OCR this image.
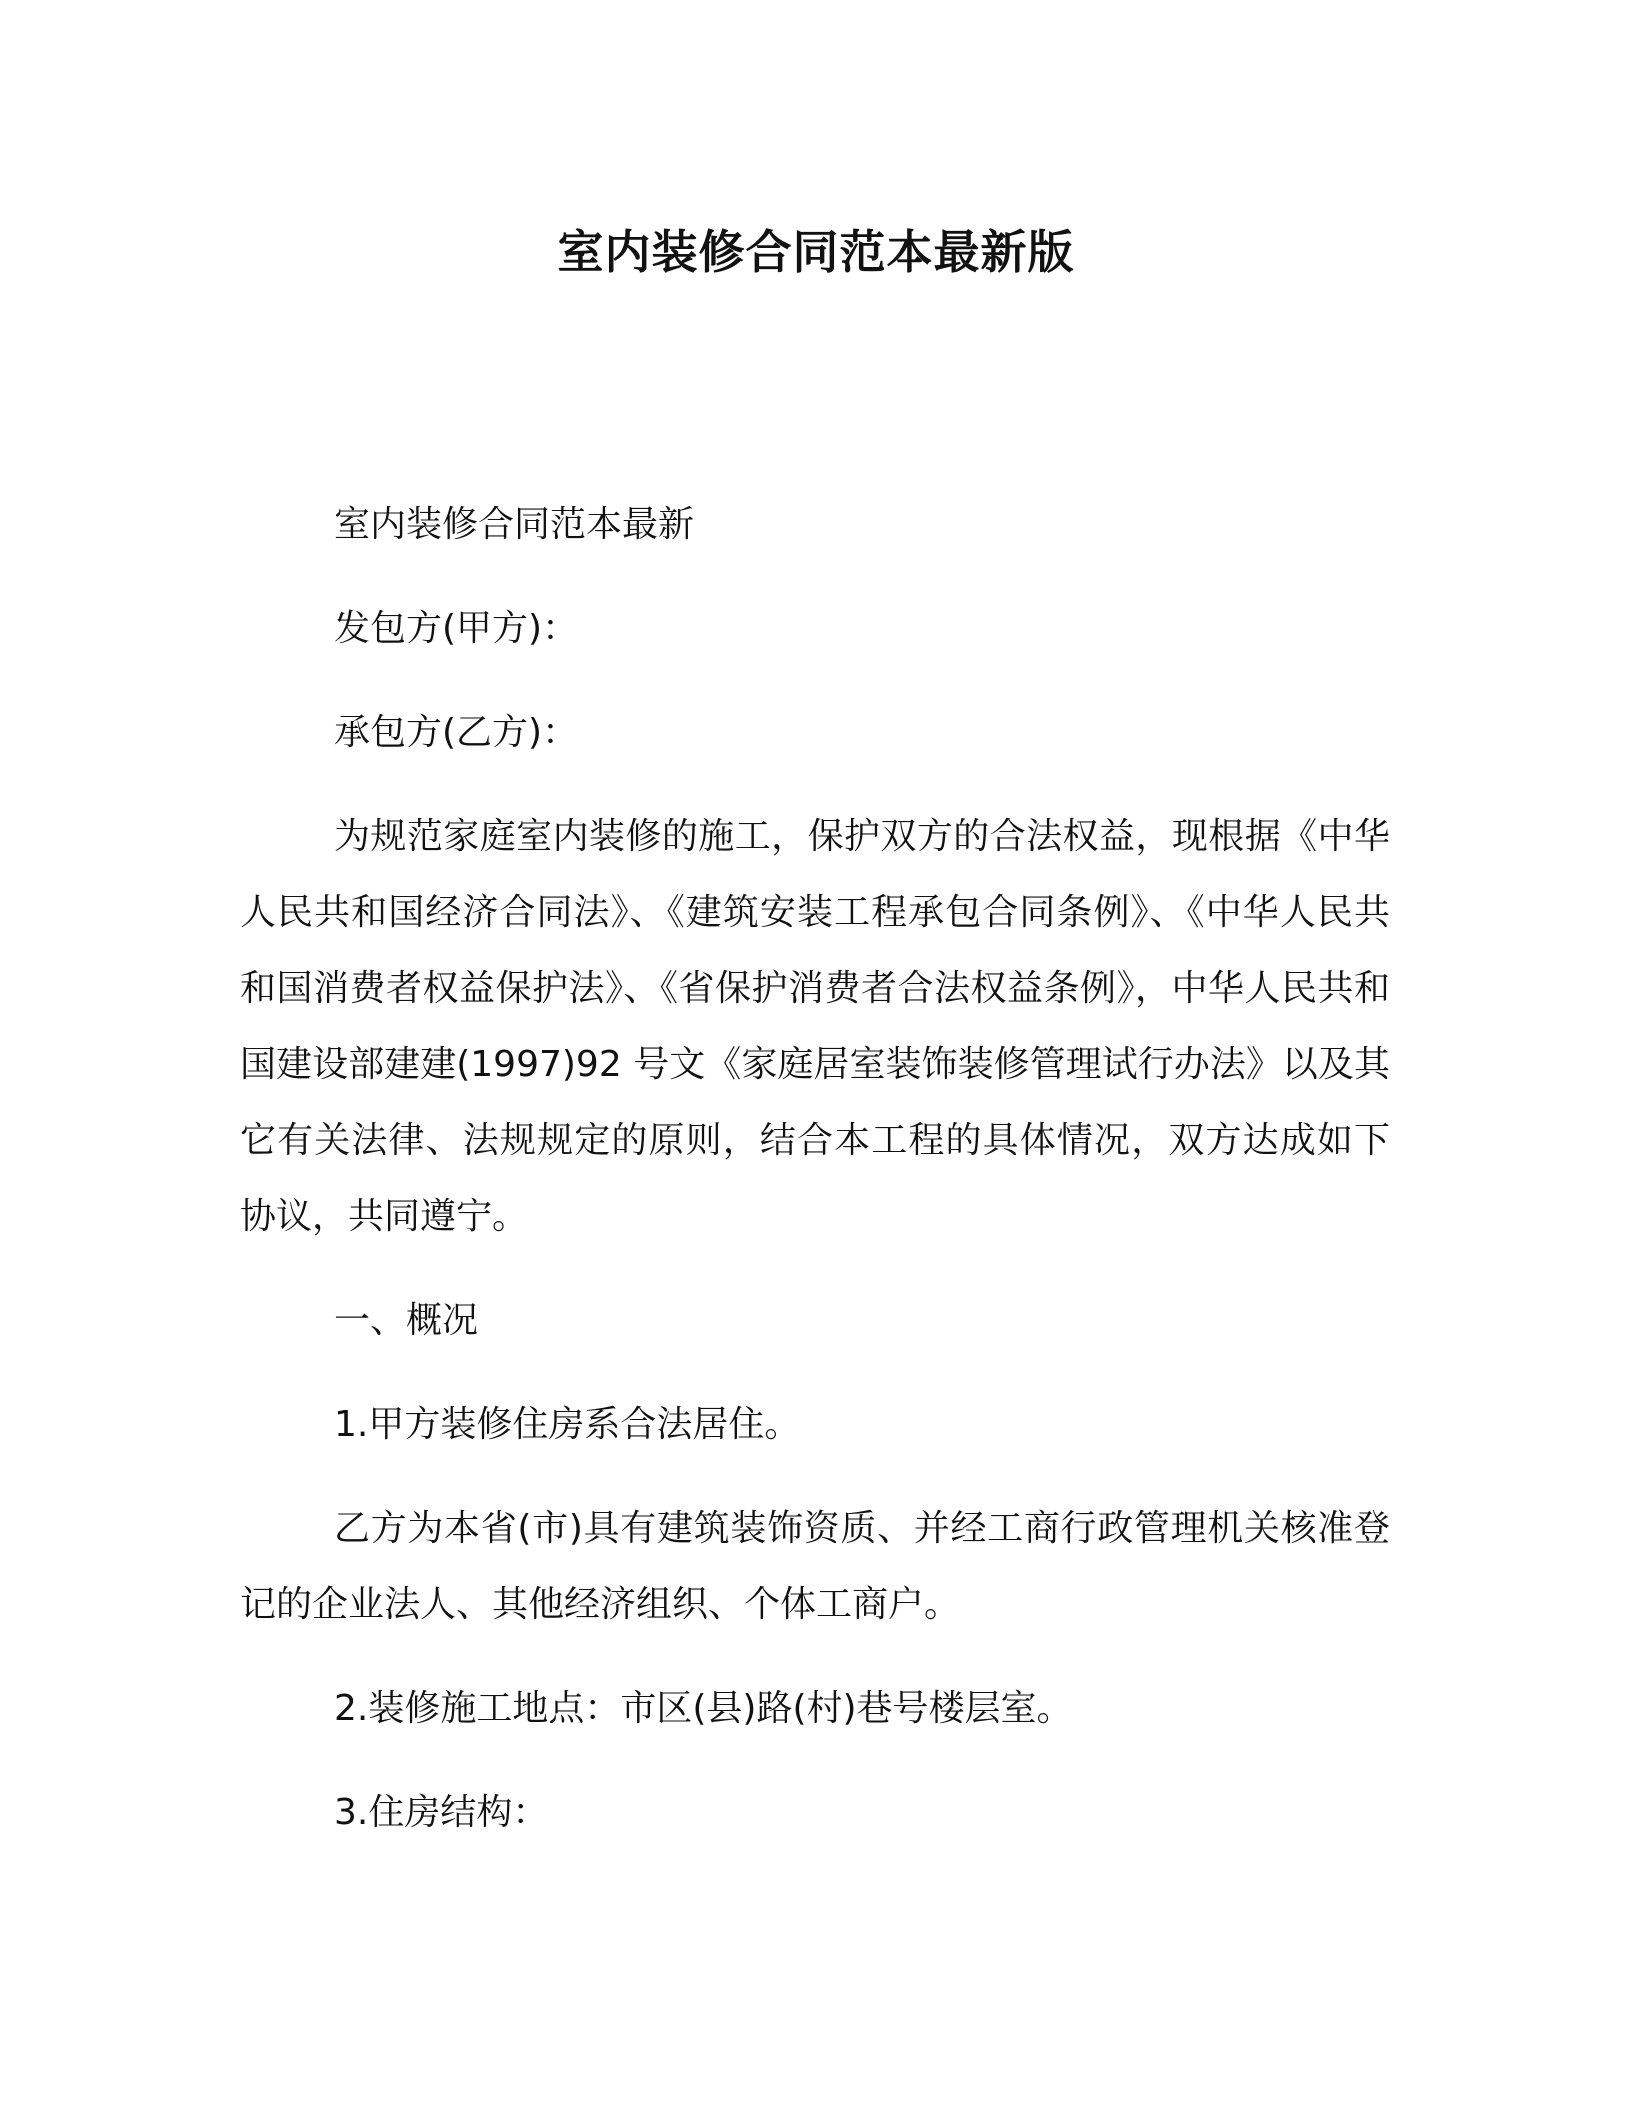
室内装修合同范本最新版

室内装修合同范本最新

发包方(甲方)：

承包方(乙方)：

为规范家庭室内装修的施工，保护双方的合法权益，现根据《中华人民共和国经济合同法》、《建筑安装工程承包合同条例》、《中华人民共和国消费者权益保护法》、《省保护消费者合法权益条例》，中华人民共和国建设部建建(1997)92 号文《家庭居室装饰装修管理试行办法》以及其它有关法律、法规规定的原则，结合本工程的具体情况，双方达成如下协议，共同遵宁。

一、概况

1.甲方装修住房系合法居住。

乙方为本省(市)具有建筑装饰资质、并经工商行政管理机关核准登记的企业法人、其他经济组织、个体工商户。

2.装修施工地点：市区(县)路(村)巷号楼层室。

3.住房结构：
